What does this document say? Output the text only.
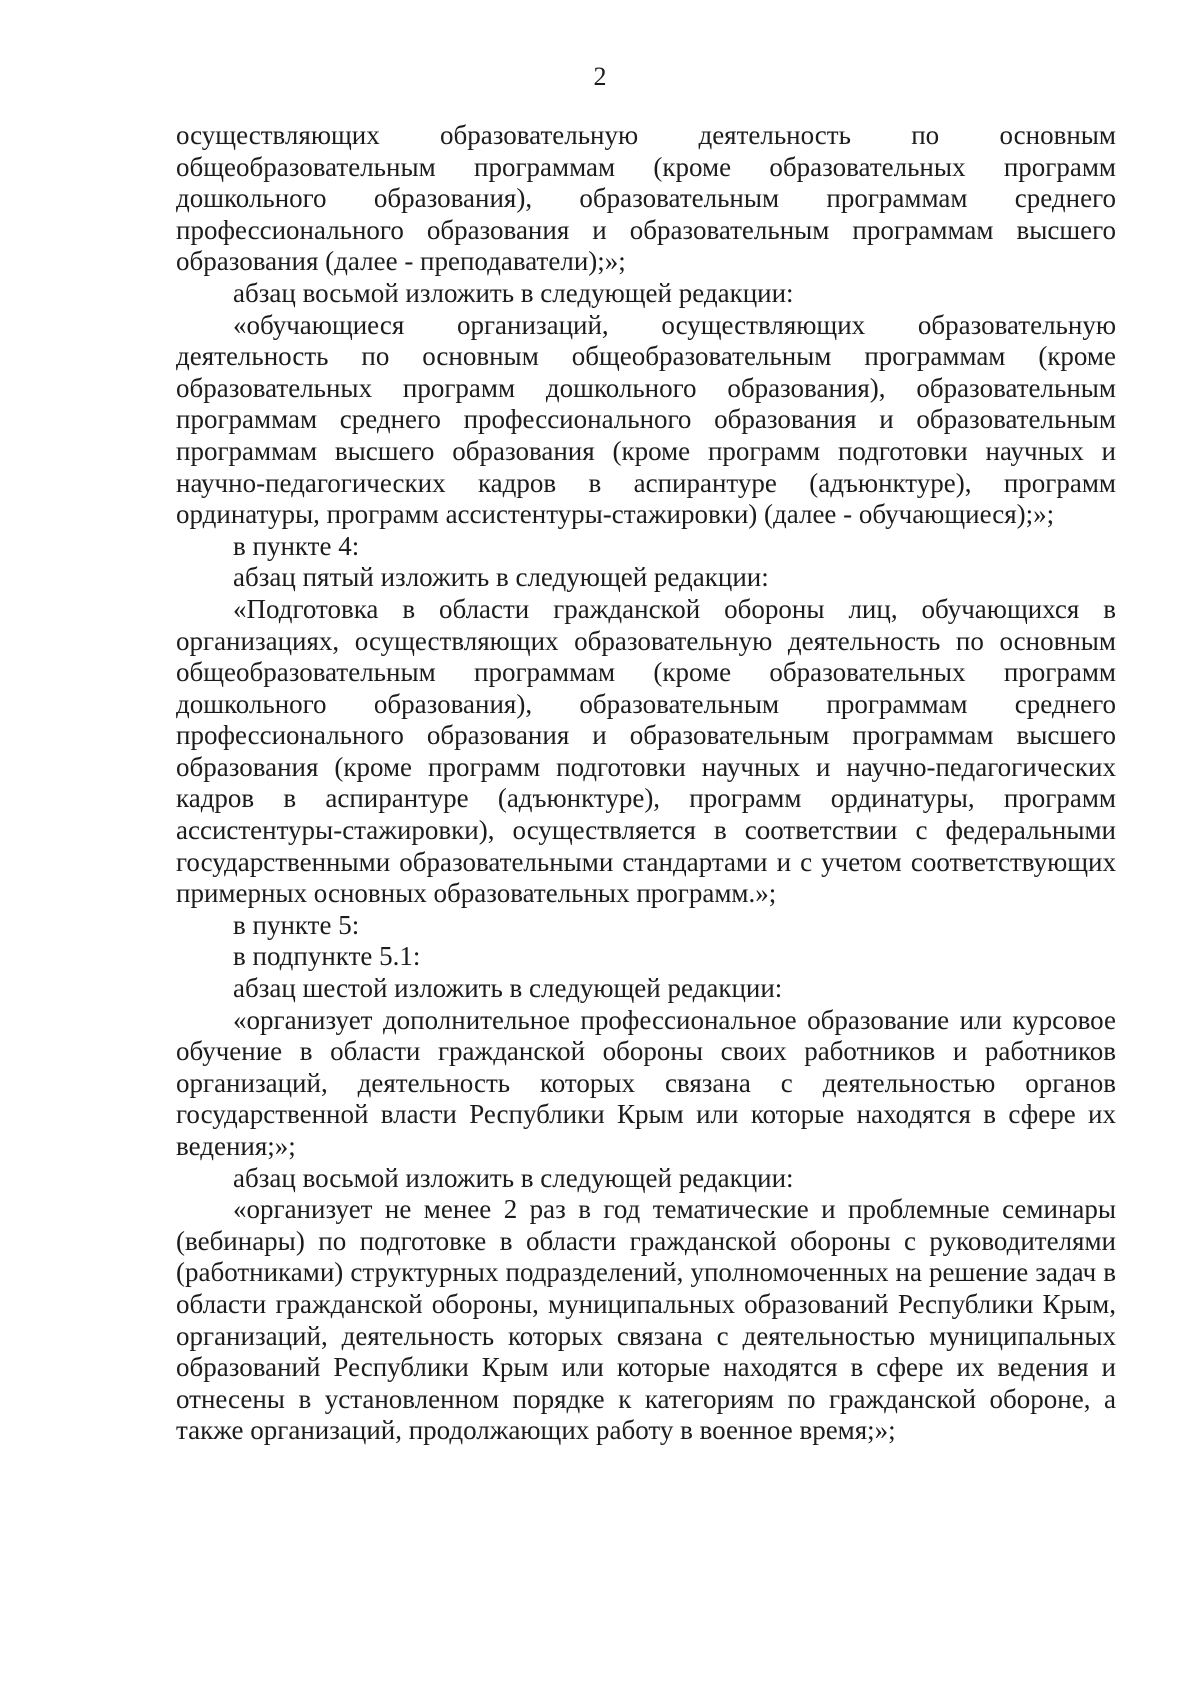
2

осуществляющих образовательную деятельность по основным общеобразовательным программам (кроме образовательных программ дошкольного образования), образовательным программам среднего профессионального образования и образовательным программам высшего образования (далее - преподаватели);»;

абзац восьмой изложить в следующей редакции:

«обучающиеся организаций, осуществляющих образовательную деятельность по основным общеобразовательным программам (кроме образовательных программ дошкольного образования), образовательным программам среднего профессионального образования и образовательным программам высшего образования (кроме программ подготовки научных и научно-педагогических кадров в аспирантуре (адъюнктуре), программ ординатуры, программ ассистентуры-стажировки) (далее - обучающиеся);»;

в пункте 4:

абзац пятый изложить в следующей редакции:

«Подготовка в области гражданской обороны лиц, обучающихся в организациях, осуществляющих образовательную деятельность по основным общеобразовательным программам (кроме образовательных программ дошкольного образования), образовательным программам среднего профессионального образования и образовательным программам высшего образования (кроме программ подготовки научных и научно-педагогических кадров в аспирантуре (адъюнктуре), программ ординатуры, программ ассистентуры-стажировки), осуществляется в соответствии с федеральными государственными образовательными стандартами и с учетом соответствующих примерных основных образовательных программ.»;

в пункте 5:

в подпункте 5.1:

абзац шестой изложить в следующей редакции:

«организует дополнительное профессиональное образование или курсовое обучение в области гражданской обороны своих работников и работников организаций, деятельность которых связана с деятельностью органов государственной власти Республики Крым или которые находятся в сфере их ведения;»;

абзац восьмой изложить в следующей редакции:

«организует не менее 2 раз в год тематические и проблемные семинары (вебинары) по подготовке в области гражданской обороны с руководителями (работниками) структурных подразделений, уполномоченных на решение задач в области гражданской обороны, муниципальных образований Республики Крым, организаций, деятельность которых связана с деятельностью муниципальных образований Республики Крым или которые находятся в сфере их ведения и отнесены в установленном порядке к категориям по гражданской обороне, а также организаций, продолжающих работу в военное время;»;
